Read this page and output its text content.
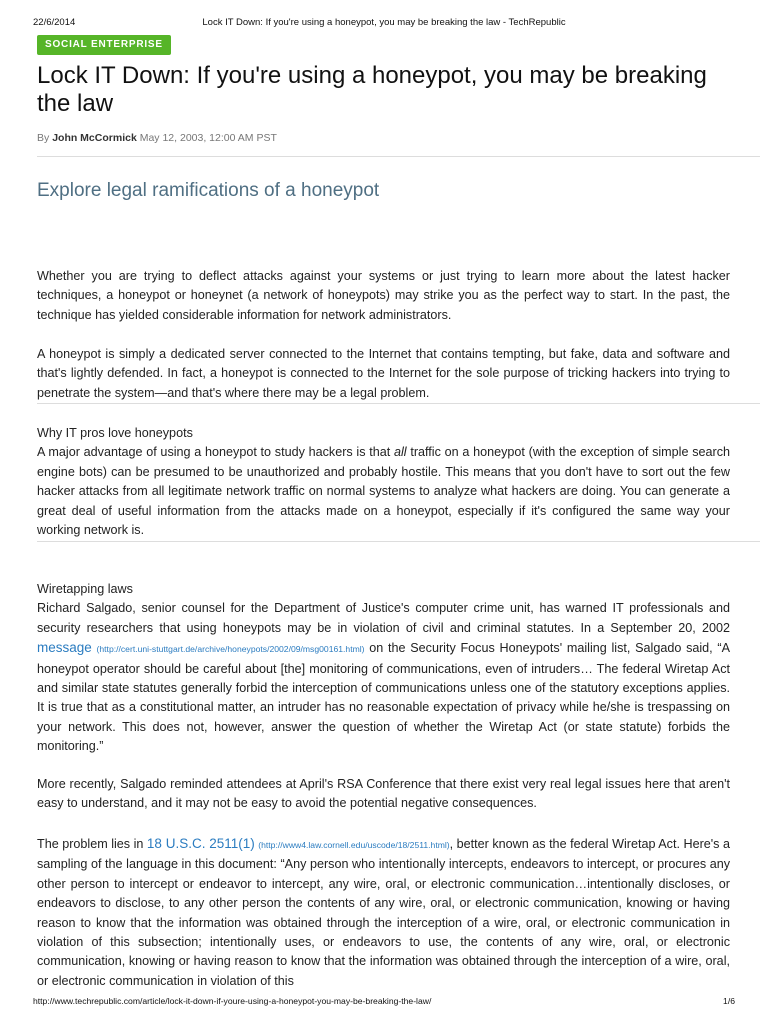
22/6/2014	Lock IT Down: If you're using a honeypot, you may be breaking the law - TechRepublic
SOCIAL ENTERPRISE
Lock IT Down: If you're using a honeypot, you may be breaking the law
By John McCormick May 12, 2003, 12:00 AM PST
Explore legal ramifications of a honeypot

Whether you are trying to deflect attacks against your systems or just trying to learn more about the latest hacker techniques, a honeypot or honeynet (a network of honeypots) may strike you as the perfect way to start. In the past, the technique has yielded considerable information for network administrators.

A honeypot is simply a dedicated server connected to the Internet that contains tempting, but fake, data and software and that's lightly defended. In fact, a honeypot is connected to the Internet for the sole purpose of tricking hackers into trying to penetrate the system—and that's where there may be a legal problem.

Why IT pros love honeypots
A major advantage of using a honeypot to study hackers is that all traffic on a honeypot (with the exception of simple search engine bots) can be presumed to be unauthorized and probably hostile. This means that you don't have to sort out the few hacker attacks from all legitimate network traffic on normal systems to analyze what hackers are doing. You can generate a great deal of useful information from the attacks made on a honeypot, especially if it's configured the same way your working network is.
Wiretapping laws
Richard Salgado, senior counsel for the Department of Justice's computer crime unit, has warned IT professionals and security researchers that using honeypots may be in violation of civil and criminal statutes. In a September 20, 2002 message (http://cert.uni-stuttgart.de/archive/honeypots/2002/09/msg00161.html) on the Security Focus Honeypots' mailing list, Salgado said, “A honeypot operator should be careful about [the] monitoring of communications, even of intruders… The federal Wiretap Act and similar state statutes generally forbid the interception of communications unless one of the statutory exceptions applies. It is true that as a constitutional matter, an intruder has no reasonable expectation of privacy while he/she is trespassing on your network. This does not, however, answer the question of whether the Wiretap Act (or state statute) forbids the monitoring.”

More recently, Salgado reminded attendees at April's RSA Conference that there exist very real legal issues here that aren't easy to understand, and it may not be easy to avoid the potential negative consequences.

The problem lies in 18 U.S.C. 2511(1) (http://www4.law.cornell.edu/uscode/18/2511.html), better known as the federal Wiretap Act. Here's a sampling of the language in this document: “Any person who intentionally intercepts, endeavors to intercept, or procures any other person to intercept or endeavor to intercept, any wire, oral, or electronic communication…intentionally discloses, or endeavors to disclose, to any other person the contents of any wire, oral, or electronic communication, knowing or having reason to know that the information was obtained through the interception of a wire, oral, or electronic communication in violation of this subsection; intentionally uses, or endeavors to use, the contents of any wire, oral, or electronic communication, knowing or having reason to know that the information was obtained through the interception of a wire, oral, or electronic communication in violation of this

http://www.techrepublic.com/article/lock-it-down-if-youre-using-a-honeypot-you-may-be-breaking-the-law/	1/6
